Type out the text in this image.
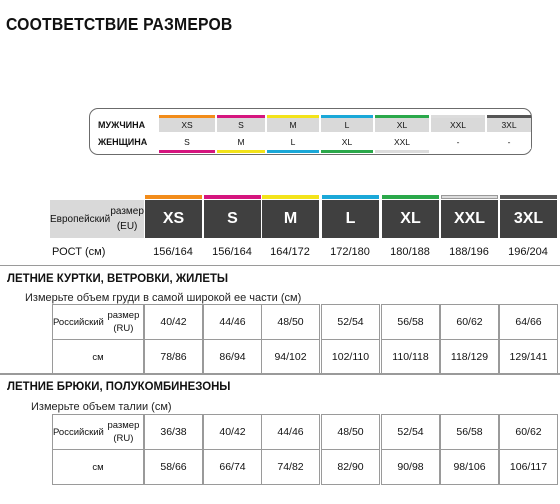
СООТВЕТСТВИЕ РАЗМЕРОВ
МУЖЧИНА	XS	S	M	L	XL	XXL	3XL
ЖЕНЩИНА	S	M	L	XL	XXL	-	-
Европейский

размер (EU)	XS	S	M	L	XL	XXL	3XL
РОСТ (см)	156/164	156/164	164/172	172/180	180/188	188/196	196/204
ЛЕТНИЕ КУРТКИ, ВЕТРОВКИ, ЖИЛЕТЫ
Измерьте объем груди в самой широкой ее части (см)
Российский

размер (RU)
40/42	44/46	48/50	52/54	56/58	60/62	64/66
см	78/86	86/94	94/102	102/110	110/118	118/129	129/141
ЛЕТНИЕ БРЮКИ, ПОЛУКОМБИНЕЗОНЫ
Измерьте объем талии (см)
Российский

размер (RU)
36/38	40/42	44/46	48/50	52/54	56/58	60/62
см	58/66	66/74	74/82	82/90	90/98	98/106	106/117
